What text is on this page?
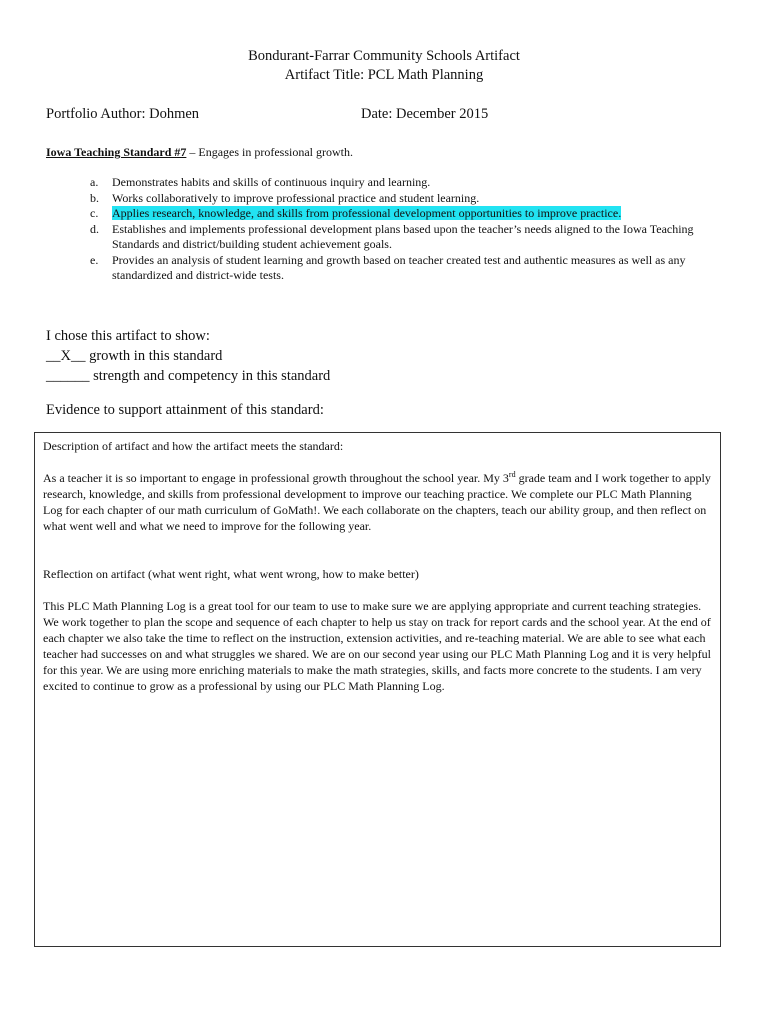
Bondurant-Farrar Community Schools Artifact
Artifact Title: PCL Math Planning
Portfolio Author: Dohmen	Date: December 2015
Iowa Teaching Standard #7 – Engages in professional growth.
a. Demonstrates habits and skills of continuous inquiry and learning.
b. Works collaboratively to improve professional practice and student learning.
c. Applies research, knowledge, and skills from professional development opportunities to improve practice.
d. Establishes and implements professional development plans based upon the teacher’s needs aligned to the Iowa Teaching Standards and district/building student achievement goals.
e. Provides an analysis of student learning and growth based on teacher created test and authentic measures as well as any standardized and district-wide tests.
I chose this artifact to show:
__X__ growth in this standard
______ strength and competency in this standard
Evidence to support attainment of this standard:

Description of artifact and how the artifact meets the standard:

As a teacher it is so important to engage in professional growth throughout the school year. My 3rd grade team and I work together to apply research, knowledge, and skills from professional development to improve our teaching practice. We complete our PLC Math Planning Log for each chapter of our math curriculum of GoMath!. We each collaborate on the chapters, teach our ability group, and then reflect on what went well and what we need to improve for the following year.

Reflection on artifact (what went right, what went wrong, how to make better)

This PLC Math Planning Log is a great tool for our team to use to make sure we are applying appropriate and current teaching strategies. We work together to plan the scope and sequence of each chapter to help us stay on track for report cards and the school year. At the end of each chapter we also take the time to reflect on the instruction, extension activities, and re-teaching material. We are able to see what each teacher had successes on and what struggles we shared. We are on our second year using our PLC Math Planning Log and it is very helpful for this year. We are using more enriching materials to make the math strategies, skills, and facts more concrete to the students. I am very excited to continue to grow as a professional by using our PLC Math Planning Log.
